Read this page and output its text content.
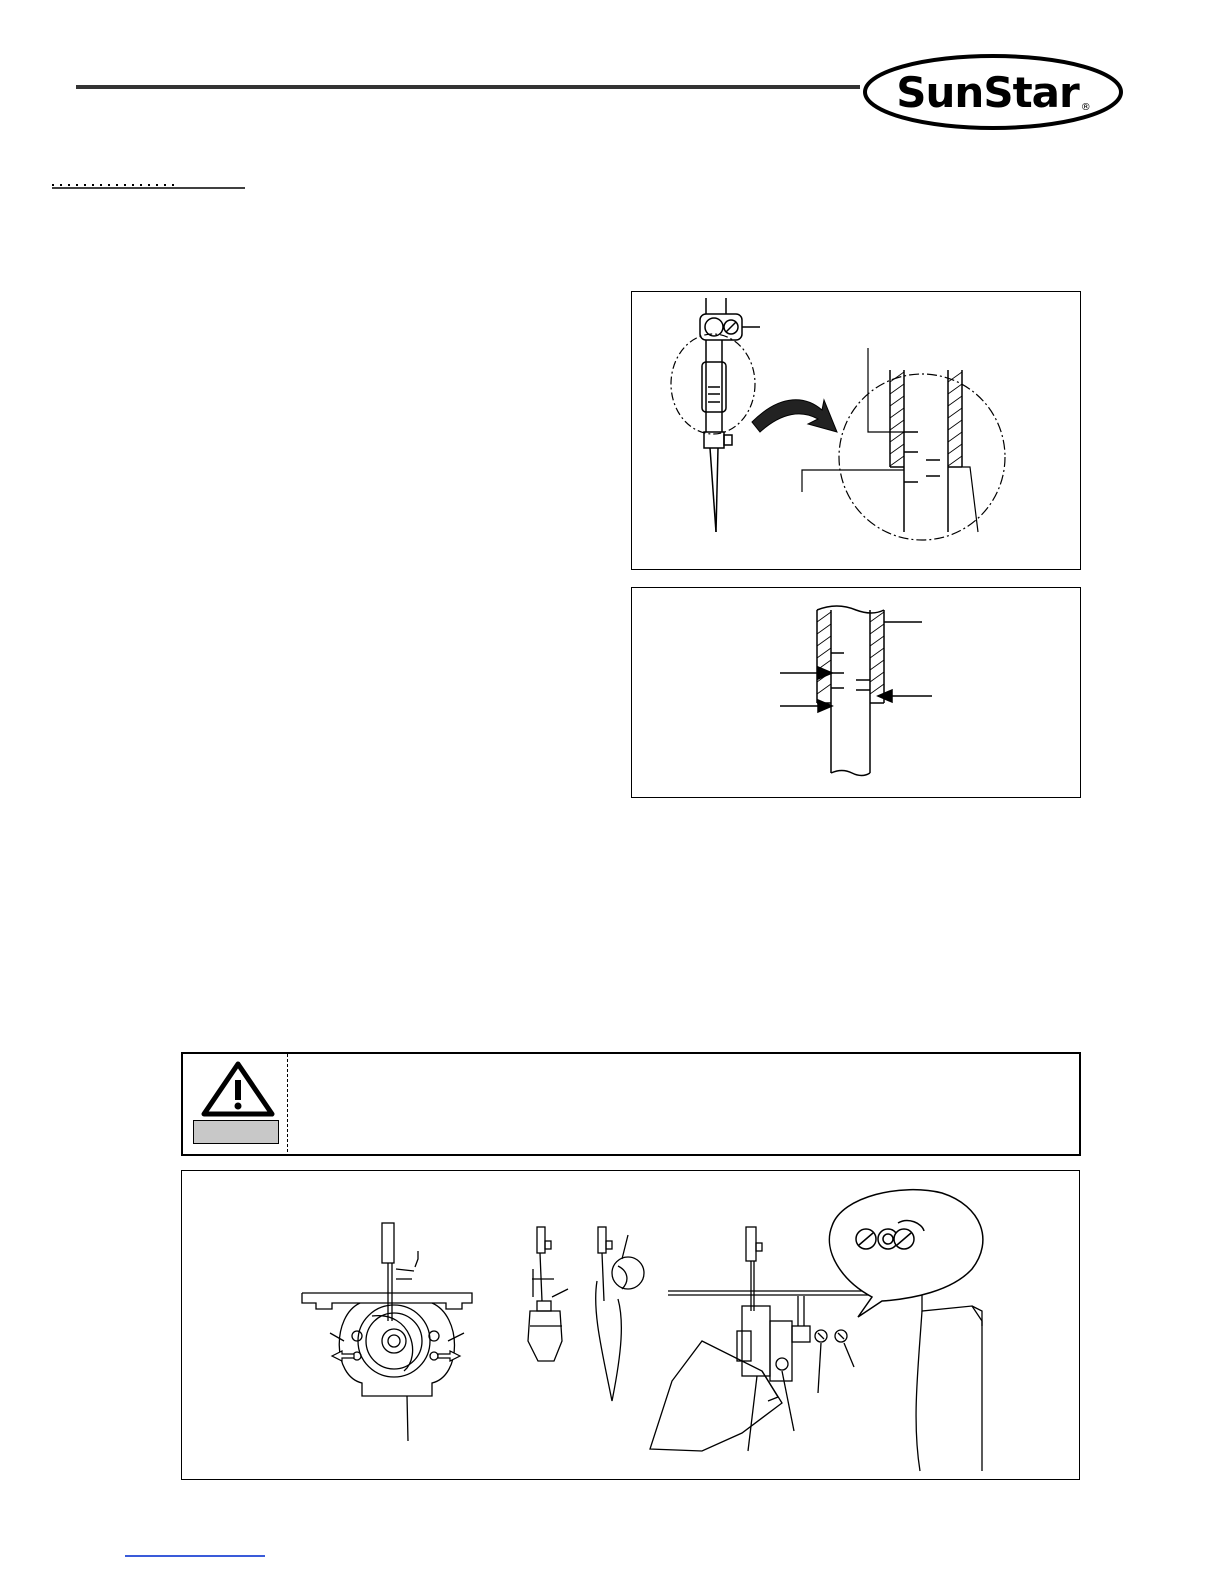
SunStar$_®$
